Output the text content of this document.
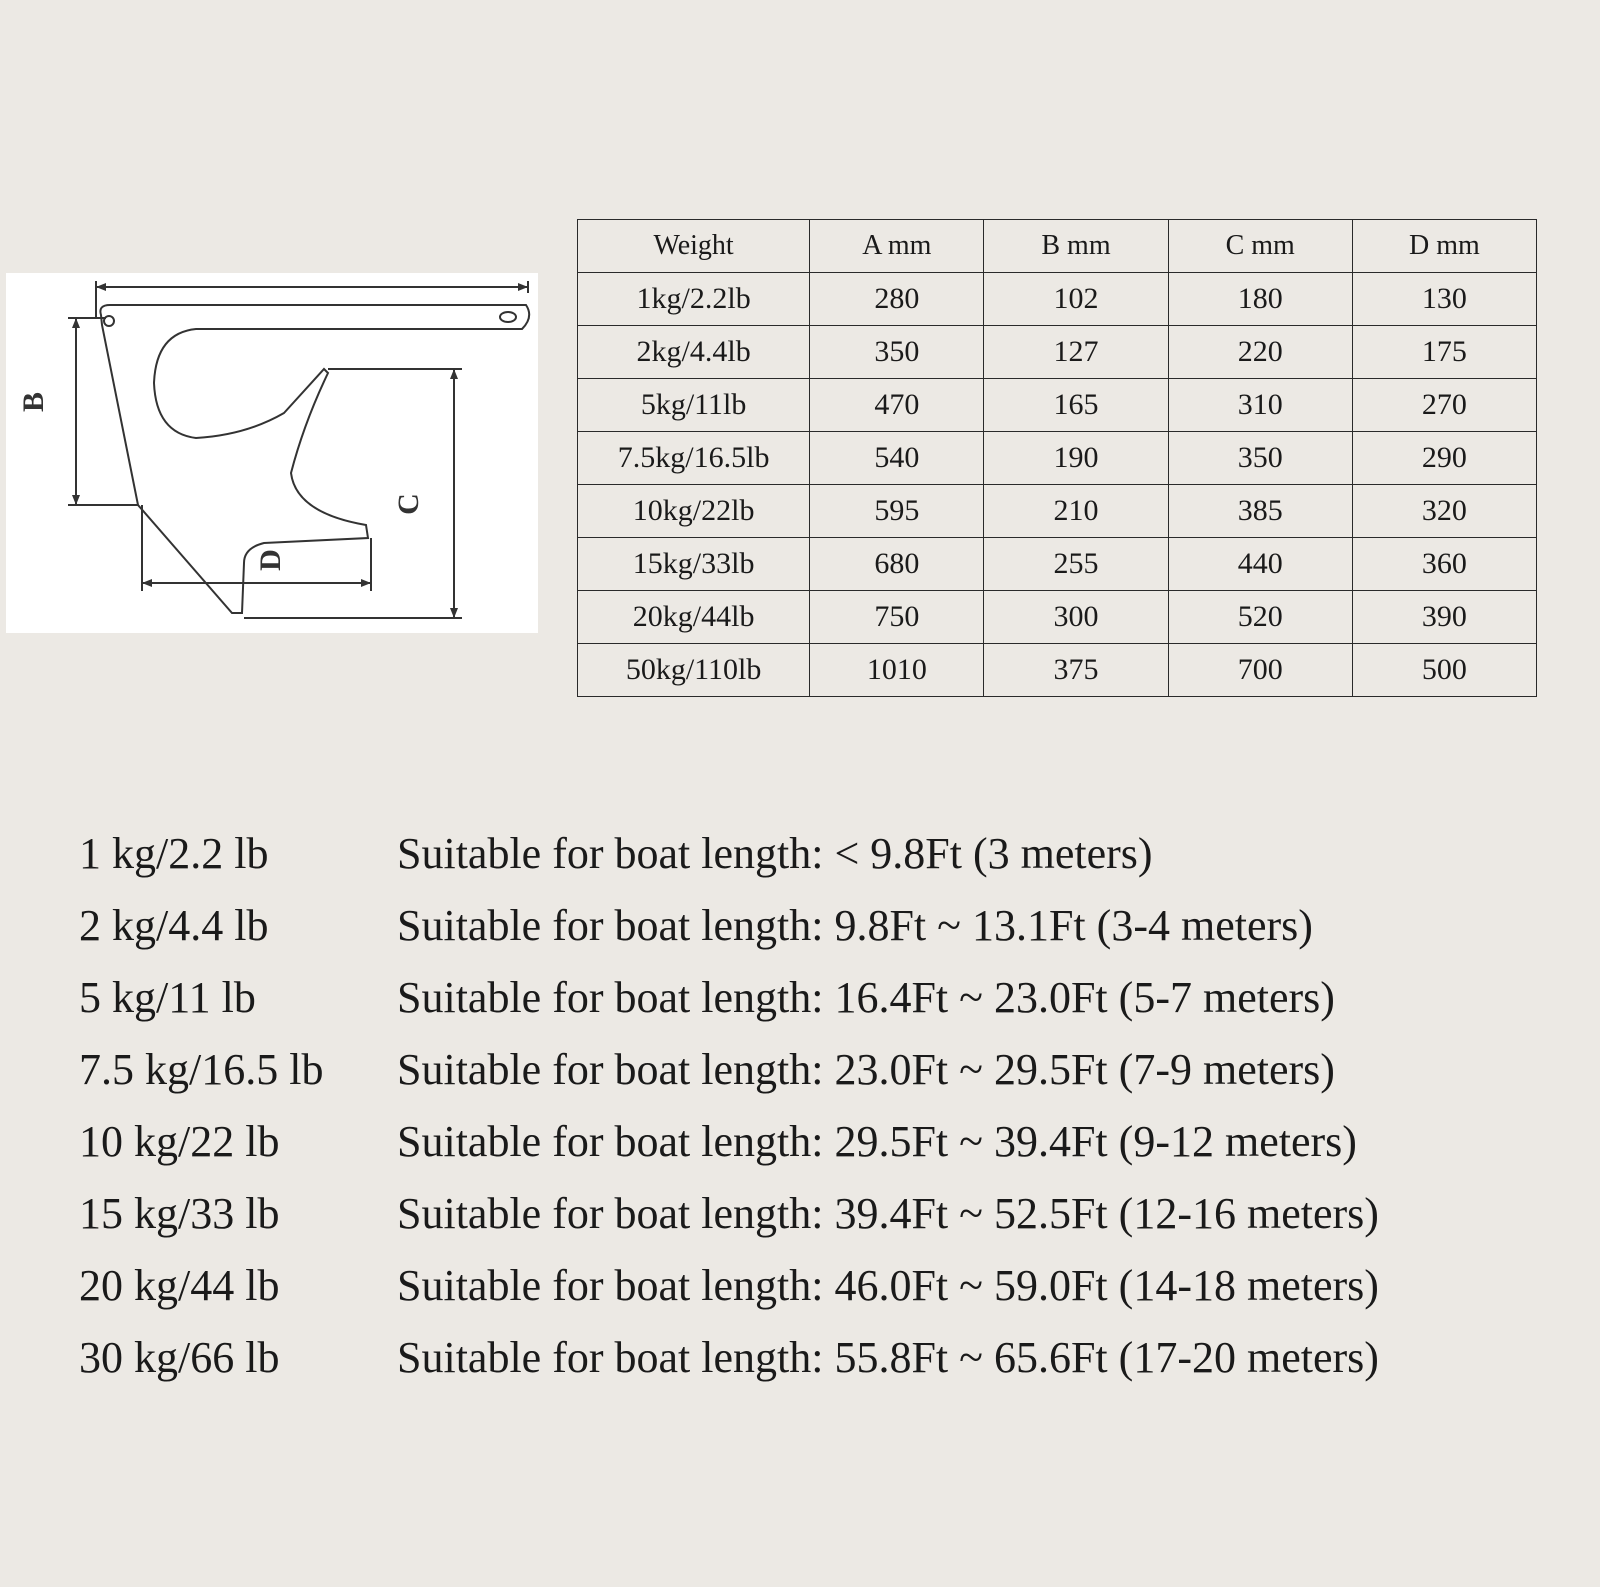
B
C
D
Weight	A mm	B mm	C mm	D mm
1kg/2.2lb	280	102	180	130
2kg/4.4lb	350	127	220	175
5kg/11lb	470	165	310	270
7.5kg/16.5lb	540	190	350	290
10kg/22lb	595	210	385	320
15kg/33lb	680	255	440	360
20kg/44lb	750	300	520	390
50kg/110lb	1010	375	700	500
1 kg/2.2 lb	Suitable for boat length: < 9.8Ft (3 meters)
2 kg/4.4 lb	Suitable for boat length: 9.8Ft ~ 13.1Ft (3-4 meters)
5 kg/11 lb	Suitable for boat length: 16.4Ft ~ 23.0Ft (5-7 meters)
7.5 kg/16.5 lb	Suitable for boat length: 23.0Ft ~ 29.5Ft (7-9 meters)
10 kg/22 lb	Suitable for boat length: 29.5Ft ~ 39.4Ft (9-12 meters)
15 kg/33 lb	Suitable for boat length: 39.4Ft ~ 52.5Ft (12-16 meters)
20 kg/44 lb	Suitable for boat length: 46.0Ft ~ 59.0Ft (14-18 meters)
30 kg/66 lb	Suitable for boat length: 55.8Ft ~ 65.6Ft (17-20 meters)
